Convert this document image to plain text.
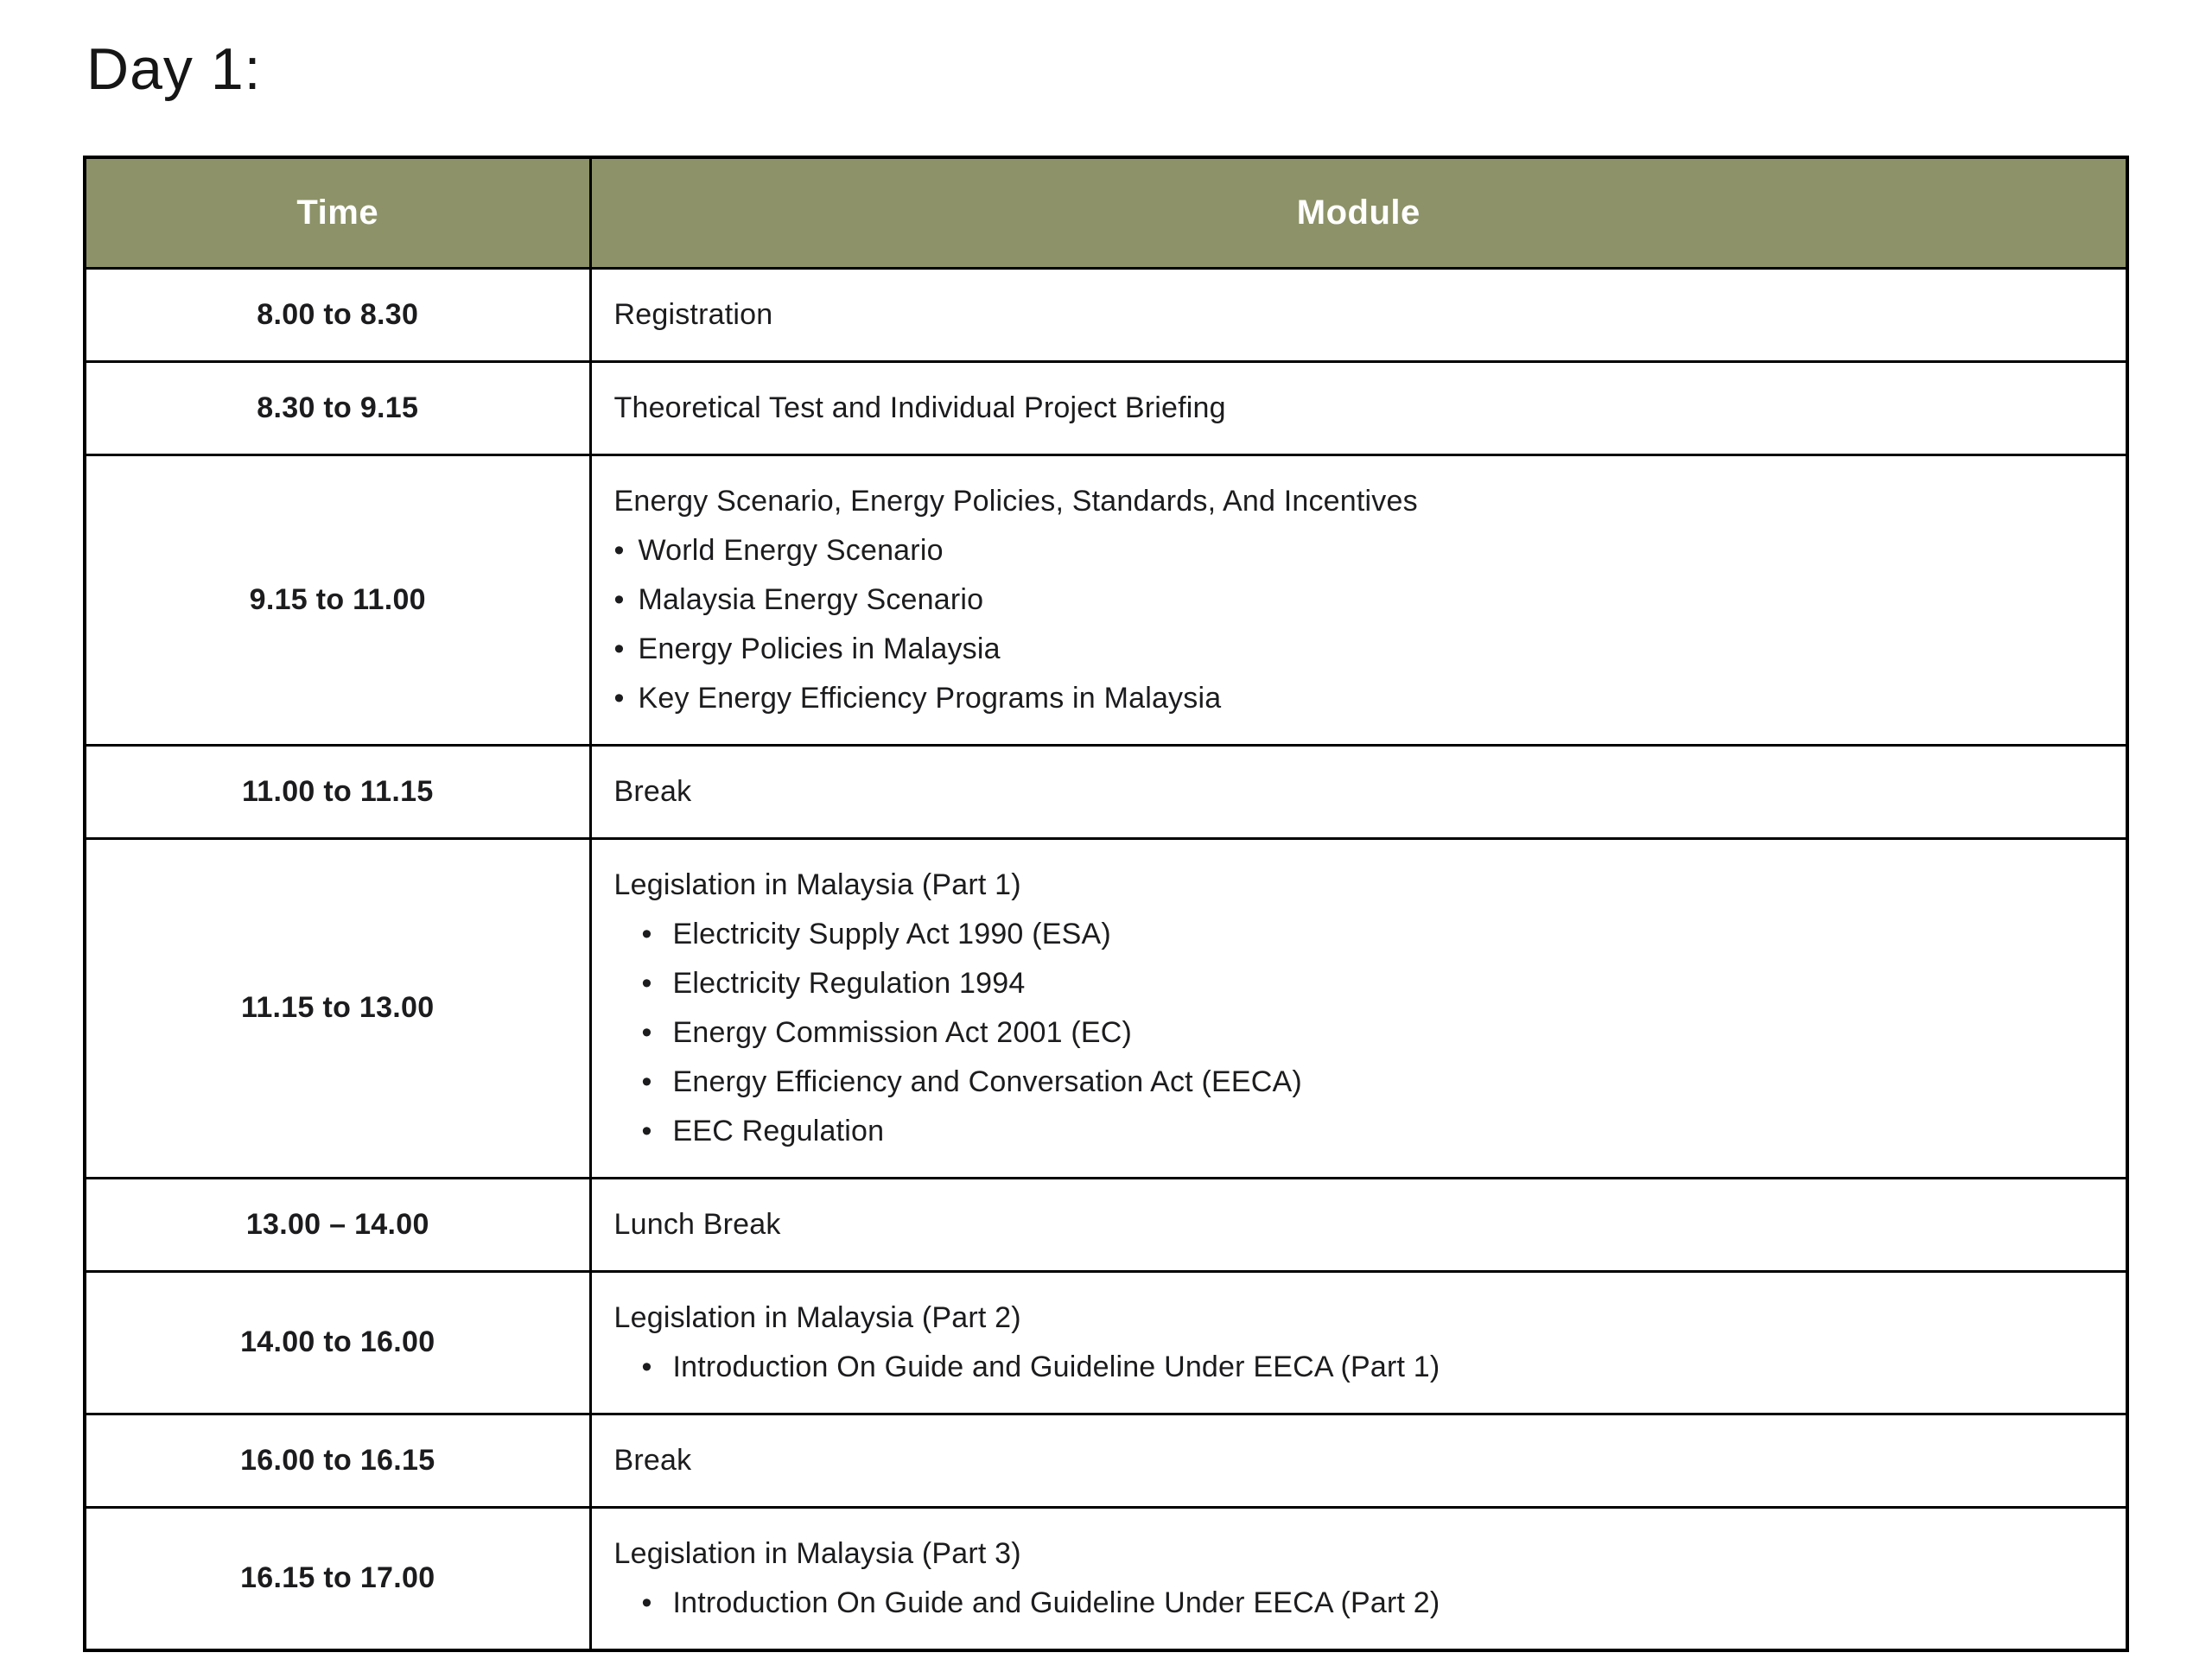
Day 1:
Time	Module
8.00 to 8.30	Registration

8.30 to 9.15	Theoretical Test and Individual Project Briefing

9.15 to 11.00	
Energy Scenario, Energy Policies, Standards, And Incentives
• World Energy Scenario
• Malaysia Energy Scenario
• Energy Policies in Malaysia
• Key Energy Efficiency Programs in Malaysia

11.00 to 11.15	Break

11.15 to 13.00	
Legislation in Malaysia (Part 1)
• Electricity Supply Act 1990 (ESA)
• Electricity Regulation 1994
• Energy Commission Act 2001 (EC)
• Energy Efficiency and Conversation Act (EECA)
• EEC Regulation

13.00 – 14.00	Lunch Break

14.00 to 16.00	Legislation in Malaysia (Part 2)
• Introduction On Guide and Guideline Under EECA (Part 1)

16.00 to 16.15	Break

16.15 to 17.00	Legislation in Malaysia (Part 3)
• Introduction On Guide and Guideline Under EECA (Part 2)
